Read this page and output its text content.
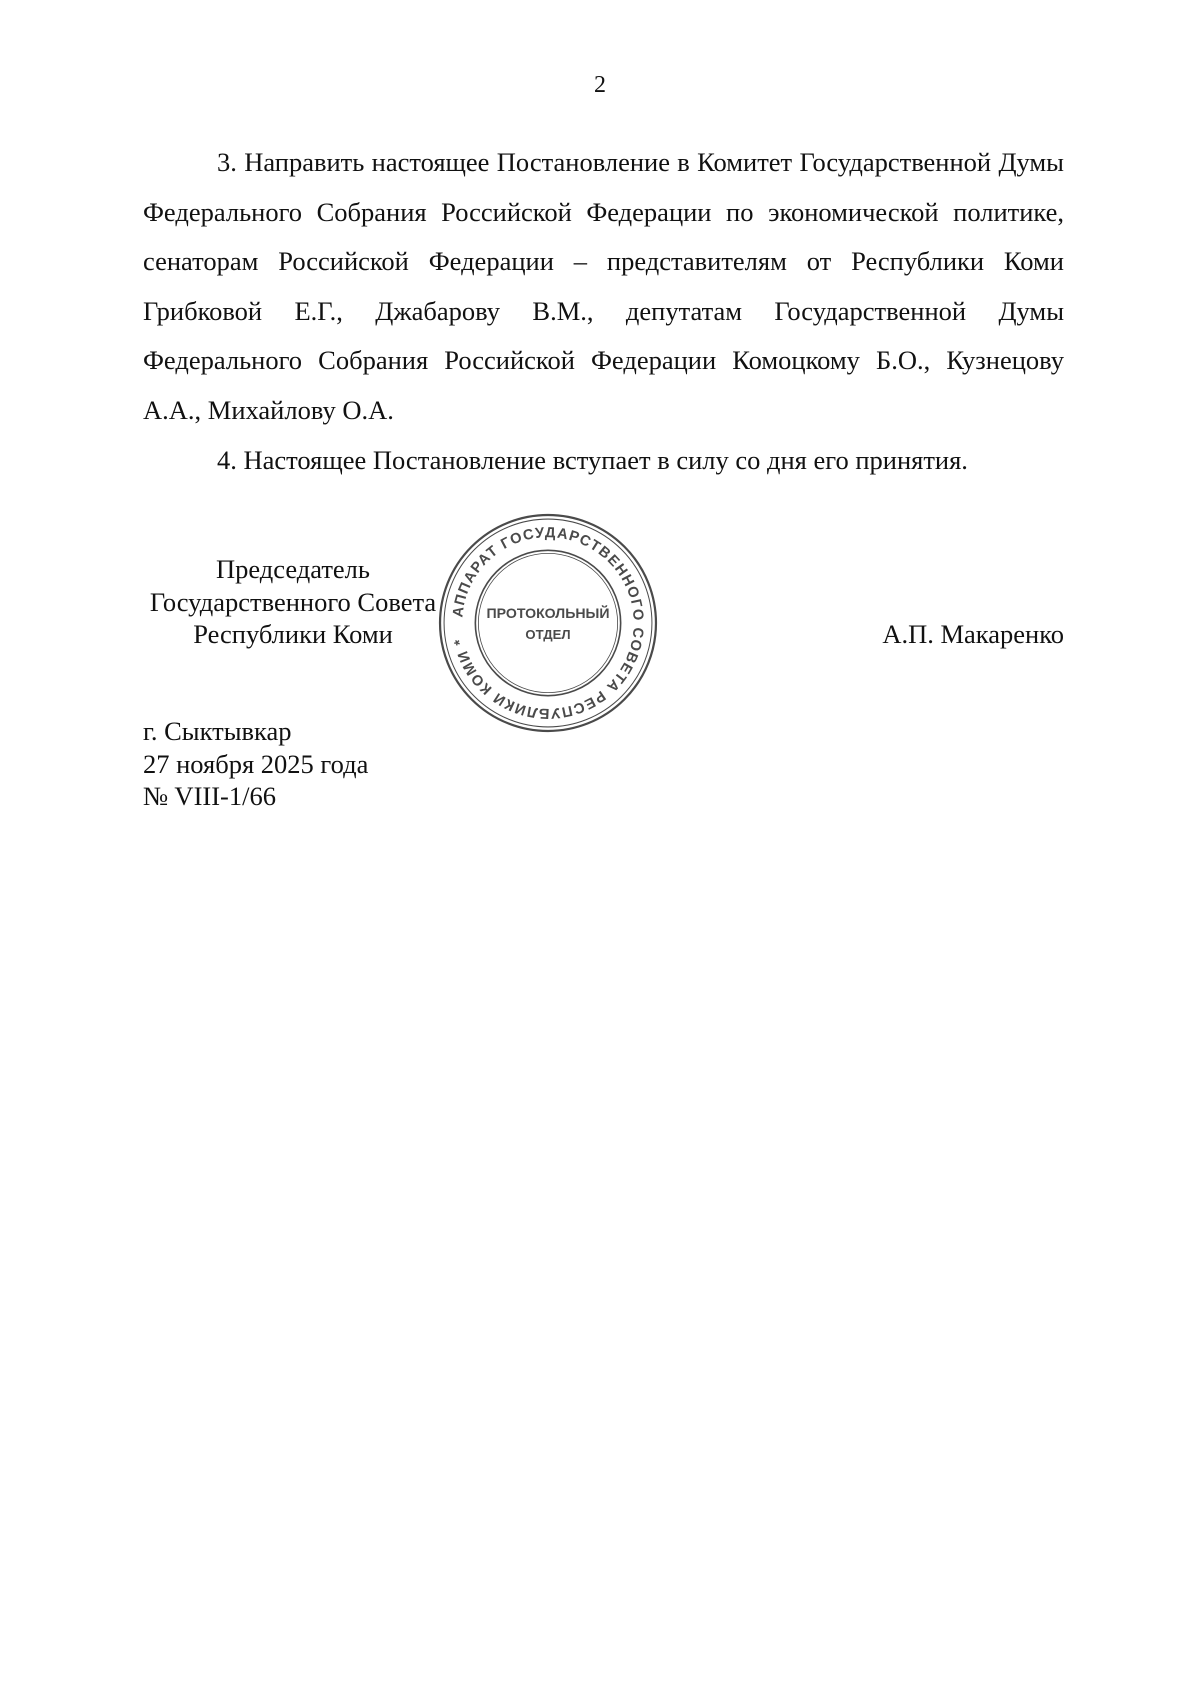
2

3. Направить настоящее Постановление в Комитет Государственной Думы Федерального Собрания Российской Федерации по экономической политике, сенаторам Российской Федерации – представителям от Республики Коми Грибковой Е.Г., Джабарову В.М., депутатам Государственной Думы Федерального Собрания Российской Федерации Комоцкому Б.О., Кузнецову А.А., Михайлову О.А.

4. Настоящее Постановление вступает в силу со дня его принятия.

АППАРАТ ГОСУДАРСТВЕННОГО СОВЕТА РЕСПУБЛИКИ КОМИ *
ПРОТОКОЛЬНЫЙ
ОТДЕЛ
Председатель
Государственного Совета
Республики Коми	А.П. Макаренко
г. Сыктывкар
27 ноября 2025 года
№ VIII-1/66
